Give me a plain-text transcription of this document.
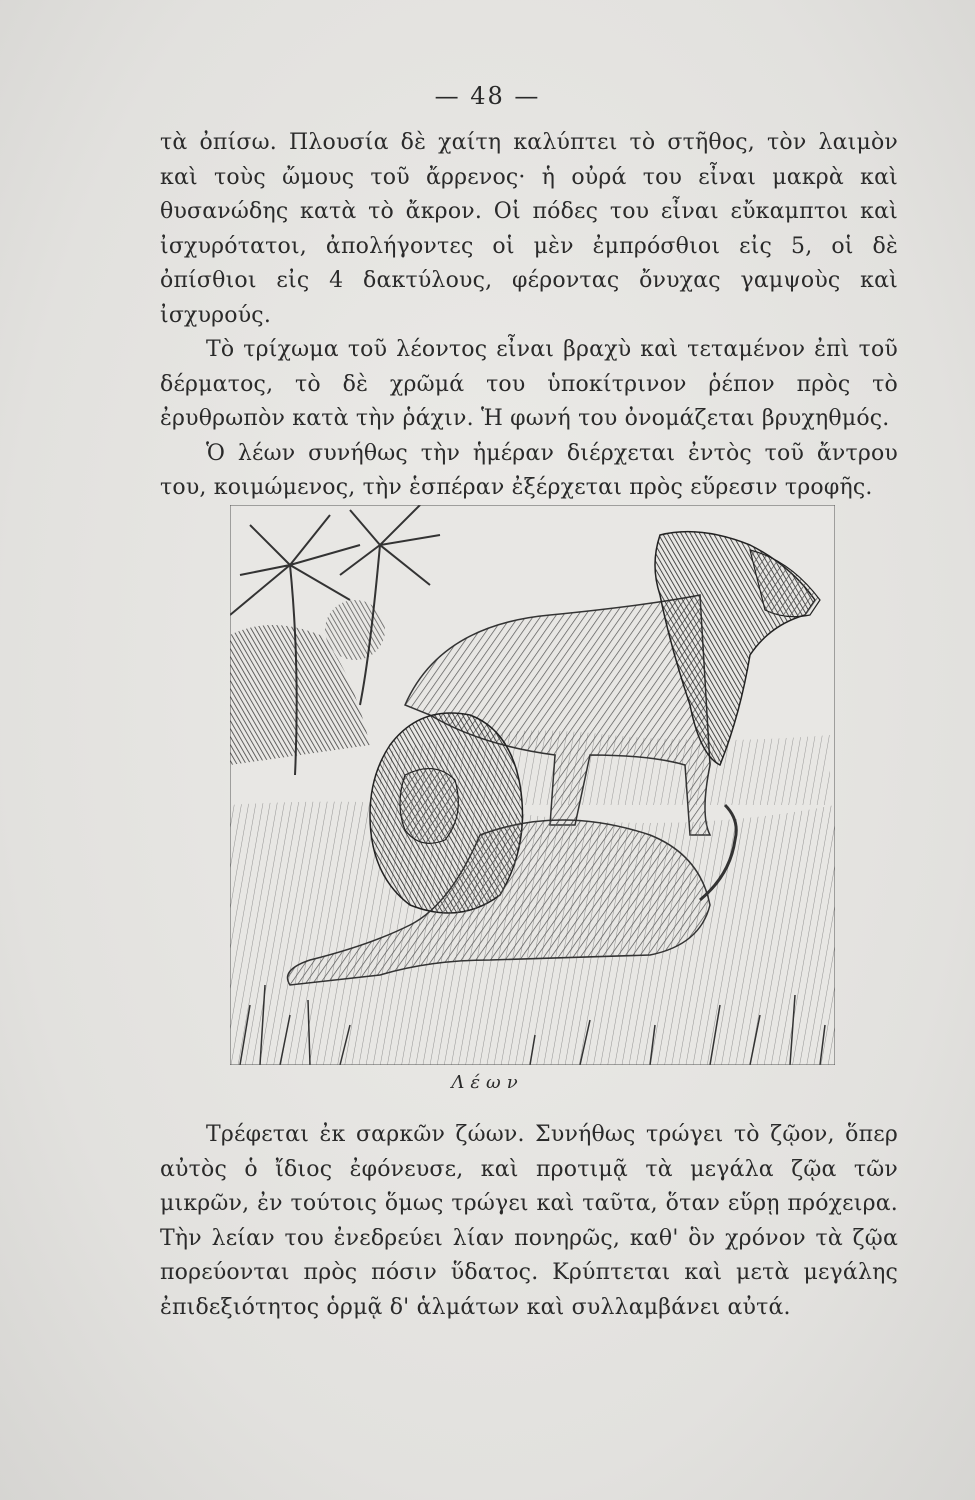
— 48 —

τὰ ὀπίσω. Πλουσία δὲ χαίτη καλύπτει τὸ στῆθος, τὸν λαιμὸν καὶ τοὺς ὤμους τοῦ ἄρρενος· ἡ οὐρά του εἶναι μακρὰ καὶ θυσανώδης κατὰ τὸ ἄκρον. Οἱ πόδες του εἶναι εὔκαμπτοι καὶ ἰσχυρότατοι, ἀπολήγοντες οἱ μὲν ἐμπρόσθιοι εἰς 5, οἱ δὲ ὀπίσθιοι εἰς 4 δακτύλους, φέροντας ὄνυχας γαμψοὺς καὶ ἰσχυρούς.

Τὸ τρίχωμα τοῦ λέοντος εἶναι βραχὺ καὶ τεταμένον ἐπὶ τοῦ δέρματος, τὸ δὲ χρῶμά του ὑποκίτρινον ῥέπον πρὸς τὸ ἐρυθρωπὸν κατὰ τὴν ῥάχιν. Ἡ φωνή του ὀνομάζεται βρυχηθμός.

Ὁ λέων συνήθως τὴν ἡμέραν διέρχεται ἐντὸς τοῦ ἄντρου του, κοιμώμενος, τὴν ἑσπέραν ἐξέρχεται πρὸς εὕρεσιν τροφῆς.

Λέων

Τρέφεται ἐκ σαρκῶν ζώων. Συνήθως τρώγει τὸ ζῷον, ὅπερ αὐτὸς ὁ ἴδιος ἐφόνευσε, καὶ προτιμᾷ τὰ μεγάλα ζῷα τῶν μικρῶν, ἐν τούτοις ὅμως τρώγει καὶ ταῦτα, ὅταν εὕρῃ πρόχειρα. Τὴν λείαν του ἐνεδρεύει λίαν πονηρῶς, καθ' ὃν χρόνον τὰ ζῷα πορεύονται πρὸς πόσιν ὕδατος. Κρύπτεται καὶ μετὰ μεγάλης ἐπιδεξιότητος ὁρμᾷ δ' ἁλμάτων καὶ συλλαμβάνει αὐτά.
